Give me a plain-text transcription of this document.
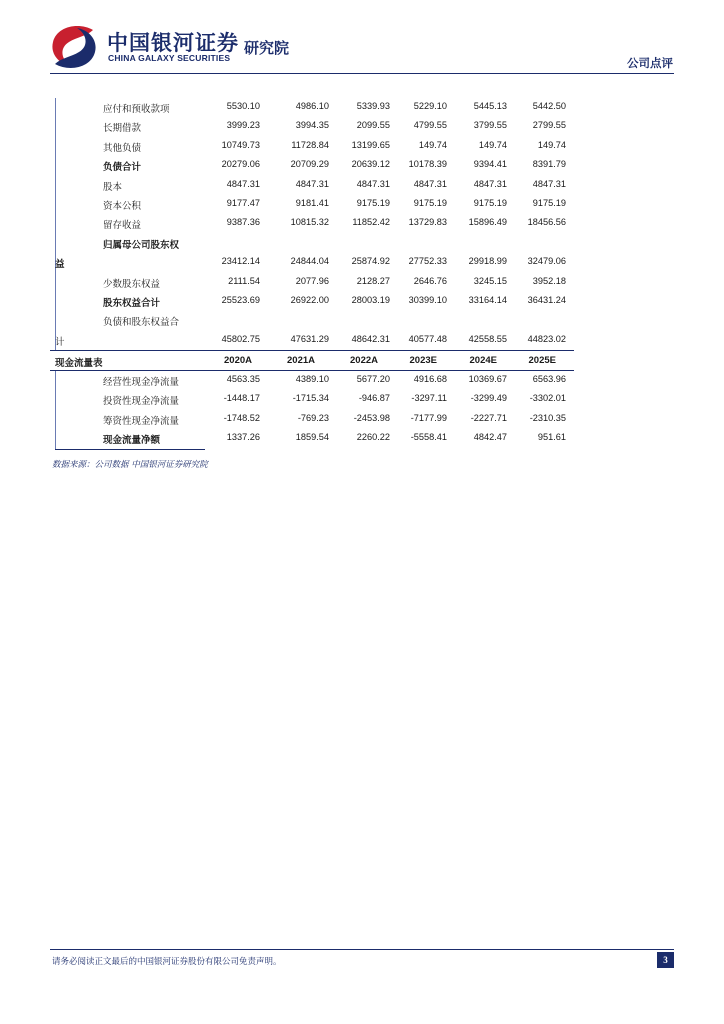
中国银河证券
CHINA GALAXY SECURITIES
研究院
公司点评
应付和预收款项	5530.10	4986.10	5339.93	5229.10	5445.13	5442.50
长期借款	3999.23	3994.35	2099.55	4799.55	3799.55	2799.55
其他负债	10749.73	11728.84	13199.65	149.74	149.74	149.74
负债合计	20279.06	20709.29	20639.12	10178.39	9394.41	8391.79
股本	4847.31	4847.31	4847.31	4847.31	4847.31	4847.31
资本公积	9177.47	9181.41	9175.19	9175.19	9175.19	9175.19
留存收益	9387.36	10815.32	11852.42	13729.83	15896.49	18456.56
归属母公司股东权
益	23412.14	24844.04	25874.92	27752.33	29918.99	32479.06
少数股东权益	2111.54	2077.96	2128.27	2646.76	3245.15	3952.18
股东权益合计	25523.69	26922.00	28003.19	30399.10	33164.14	36431.24
负债和股东权益合
计	45802.75	47631.29	48642.31	40577.48	42558.55	44823.02
现金流量表	2020A	2021A	2022A	2023E	2024E	2025E
经营性现金净流量	4563.35	4389.10	5677.20	4916.68	10369.67	6563.96
投资性现金净流量	-1448.17	-1715.34	-946.87	-3297.11	-3299.49	-3302.01
筹资性现金净流量	-1748.52	-769.23	-2453.98	-7177.99	-2227.71	-2310.35
现金流量净额	1337.26	1859.54	2260.22	-5558.41	4842.47	951.61
数据来源：公司数据 中国银河证券研究院
请务必阅读正文最后的中国银河证券股份有限公司免责声明。	3
